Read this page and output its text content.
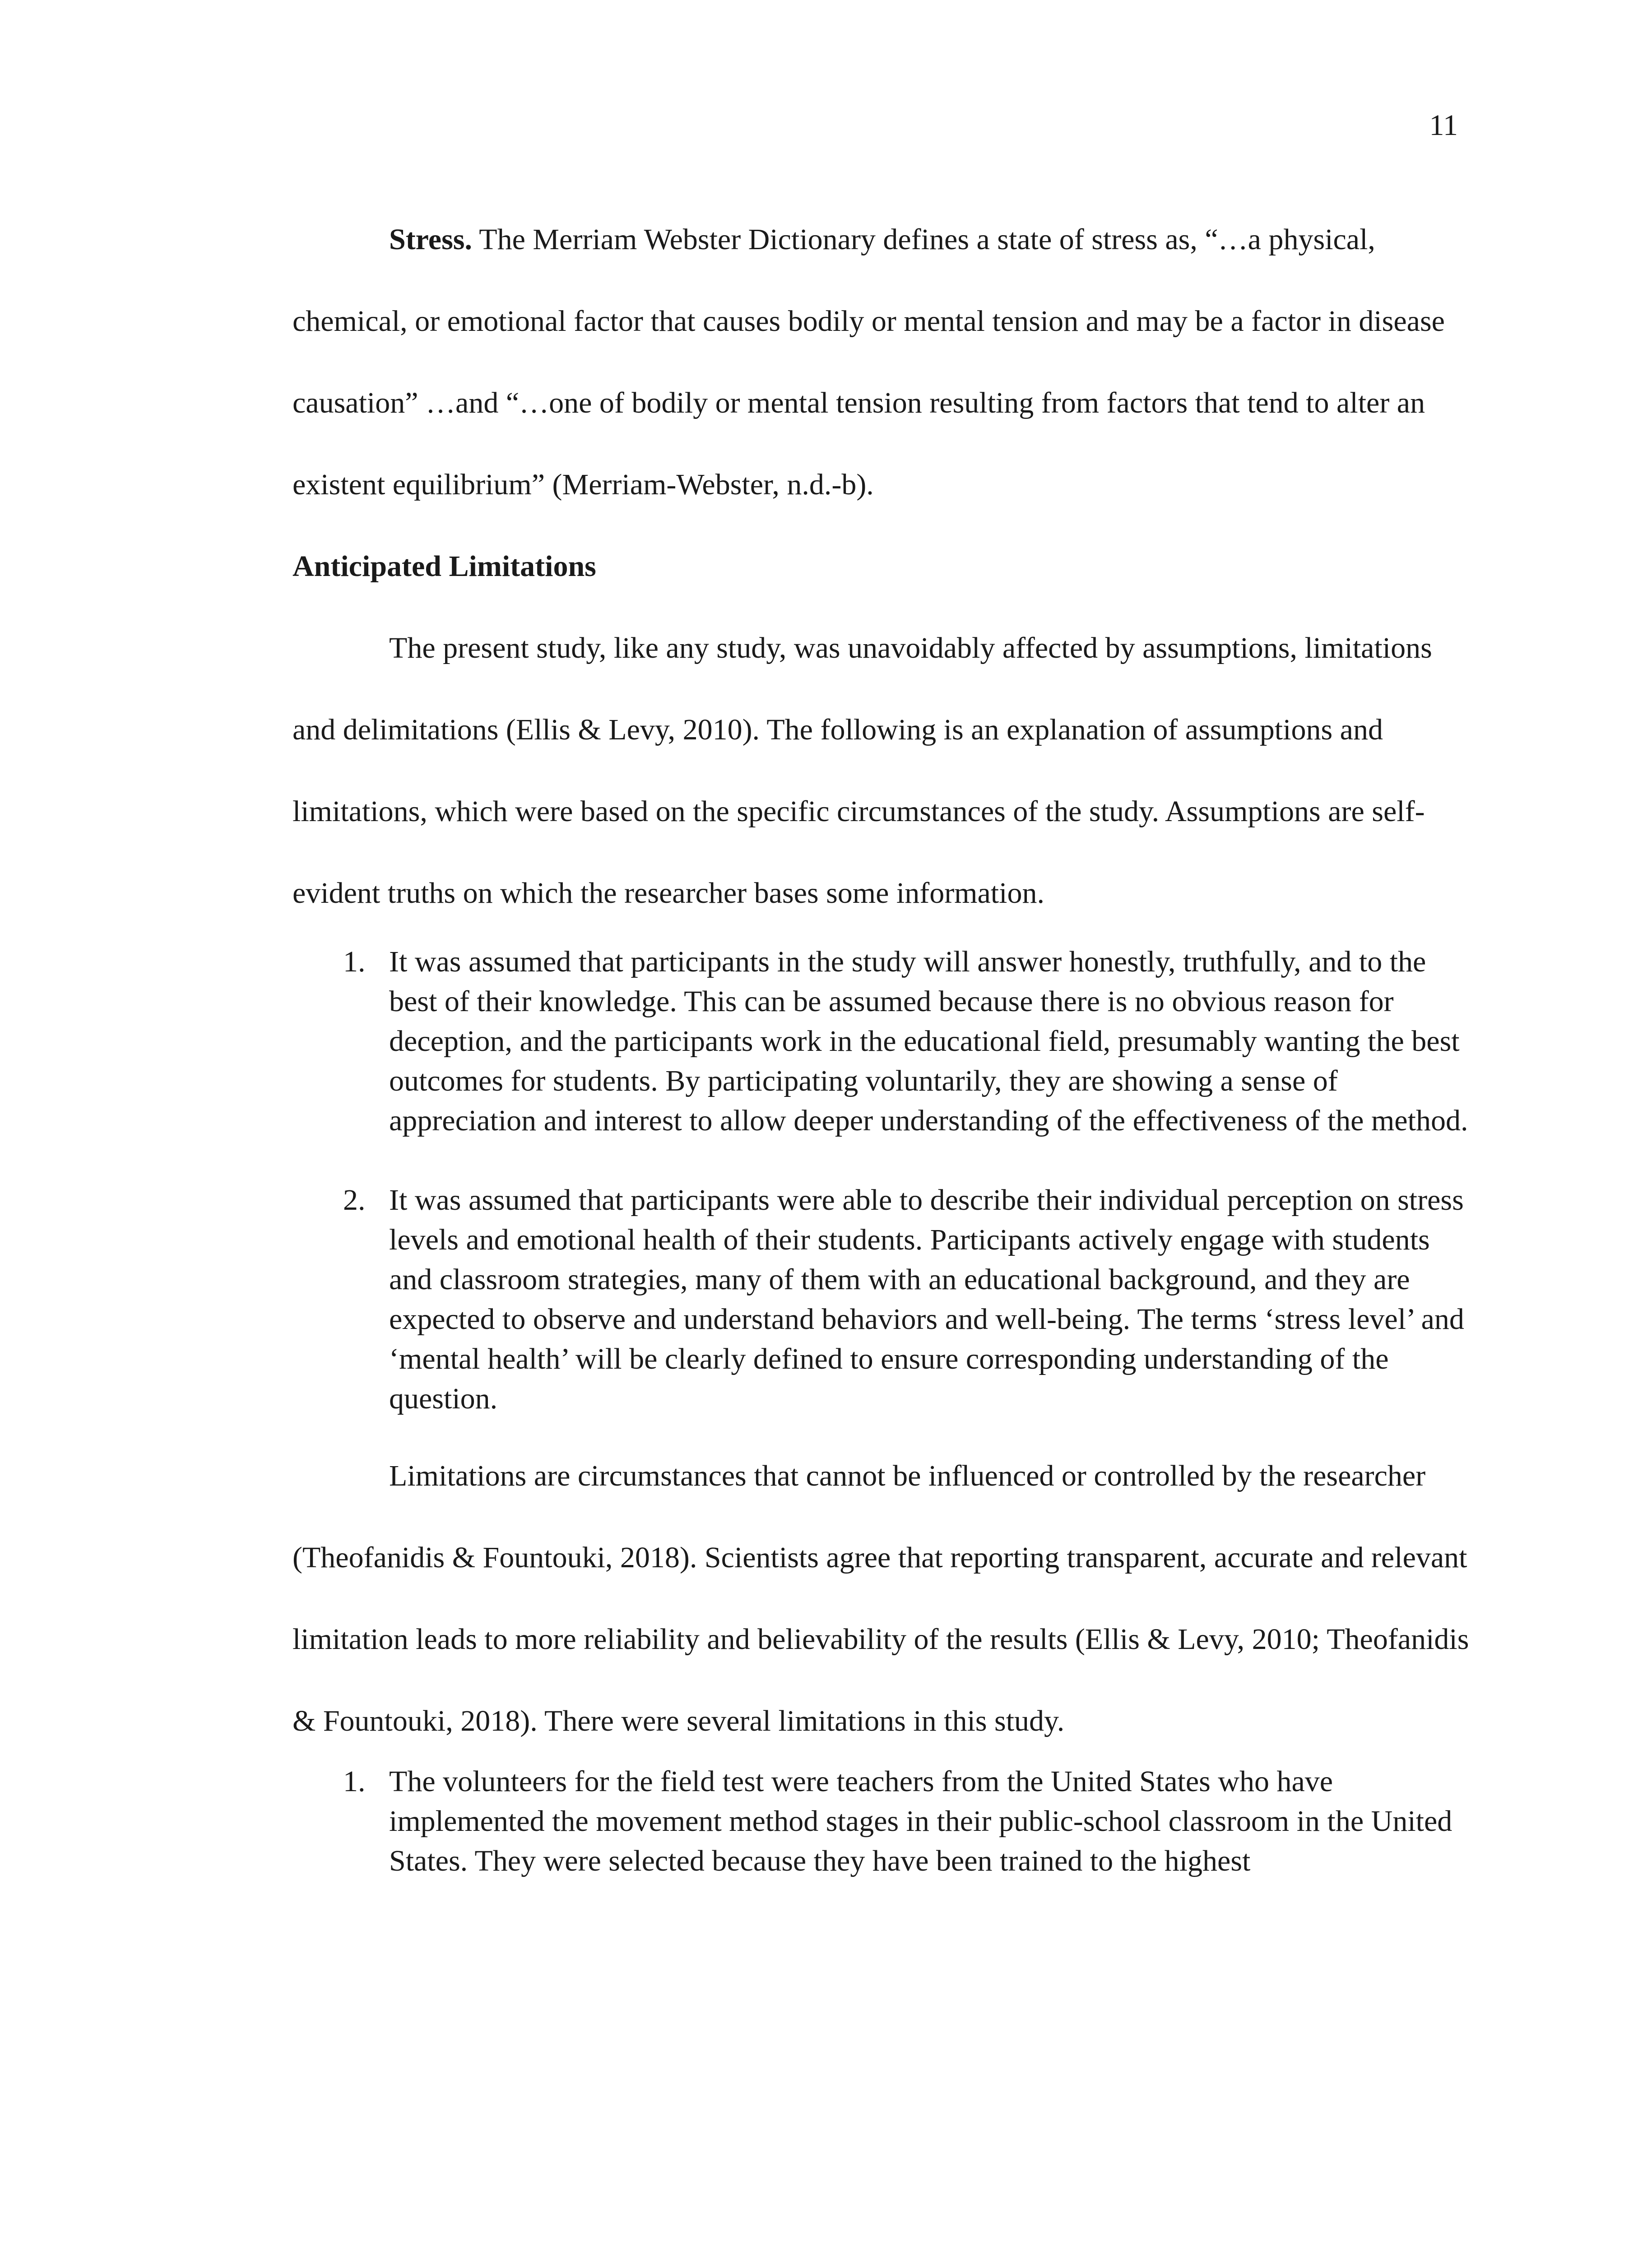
11

Stress. The Merriam Webster Dictionary defines a state of stress as, “…a physical, chemical, or emotional factor that causes bodily or mental tension and may be a factor in disease causation” …and “…one of bodily or mental tension resulting from factors that tend to alter an existent equilibrium” (Merriam-Webster, n.d.-b).

Anticipated Limitations

The present study, like any study, was unavoidably affected by assumptions, limitations and delimitations (Ellis & Levy, 2010). The following is an explanation of assumptions and limitations, which were based on the specific circumstances of the study. Assumptions are self-evident truths on which the researcher bases some information.

1. It was assumed that participants in the study will answer honestly, truthfully, and to the best of their knowledge. This can be assumed because there is no obvious reason for deception, and the participants work in the educational field, presumably wanting the best outcomes for students. By participating voluntarily, they are showing a sense of appreciation and interest to allow deeper understanding of the effectiveness of the method.
2. It was assumed that participants were able to describe their individual perception on stress levels and emotional health of their students. Participants actively engage with students and classroom strategies, many of them with an educational background, and they are expected to observe and understand behaviors and well-being. The terms ‘stress level’ and ‘mental health’ will be clearly defined to ensure corresponding understanding of the question.

Limitations are circumstances that cannot be influenced or controlled by the researcher (Theofanidis & Fountouki, 2018). Scientists agree that reporting transparent, accurate and relevant limitation leads to more reliability and believability of the results (Ellis & Levy, 2010; Theofanidis & Fountouki, 2018). There were several limitations in this study.

1. The volunteers for the field test were teachers from the United States who have implemented the movement method stages in their public-school classroom in the United States. They were selected because they have been trained to the highest
